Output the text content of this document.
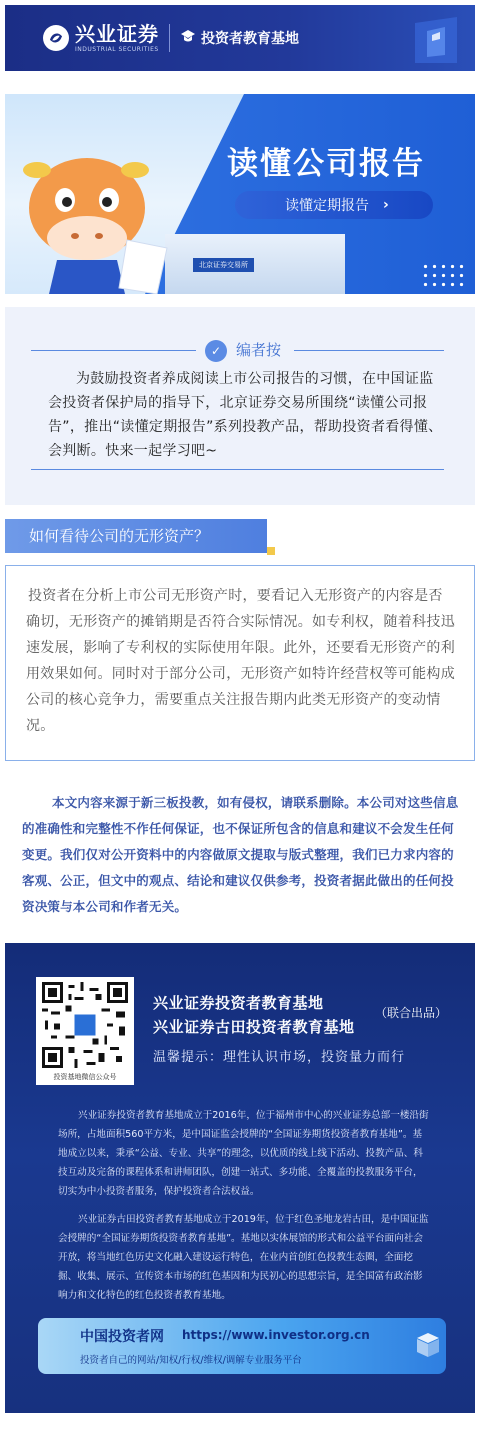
兴业证券
INDUSTRIAL SECURITIES
投资者教育基地
北京证券交易所
读懂公司报告
读懂定期报告 ›
✓ 编者按
为鼓励投资者养成阅读上市公司报告的习惯，在中国证监会投资者保护局的指导下，北京证券交易所围绕“读懂公司报告”，推出“读懂定期报告”系列投教产品，帮助投资者看得懂、会判断。快来一起学习吧~
如何看待公司的无形资产？
投资者在分析上市公司无形资产时，要看记入无形资产的内容是否确切，无形资产的摊销期是否符合实际情况。如专利权，随着科技迅速发展，影响了专利权的实际使用年限。此外，还要看无形资产的利用效果如何。同时对于部分公司，无形资产如特许经营权等可能构成公司的核心竞争力，需要重点关注报告期内此类无形资产的变动情况。
本文内容来源于新三板投教，如有侵权，请联系删除。本公司对这些信息的准确性和完整性不作任何保证，也不保证所包含的信息和建议不会发生任何变更。我们仅对公开资料中的内容做原文提取与版式整理，我们已力求内容的客观、公正，但文中的观点、结论和建议仅供参考，投资者据此做出的任何投资决策与本公司和作者无关。
投资基地微信公众号
兴业证券投资者教育基地
兴业证券古田投资者教育基地
（联合出品）
温馨提示：理性认识市场，投资量力而行
兴业证券投资者教育基地成立于2016年，位于福州市中心的兴业证券总部一楼沿街场所，占地面积560平方米，是中国证监会授牌的“全国证券期货投资者教育基地”。基地成立以来，秉承“公益、专业、共享”的理念，以优质的线上线下活动、投教产品、科技互动及完备的课程体系和讲师团队，创建一站式、多功能、全覆盖的投教服务平台，切实为中小投资者服务，保护投资者合法权益。
兴业证券古田投资者教育基地成立于2019年，位于红色圣地龙岩古田，是中国证监会授牌的“全国证券期货投资者教育基地”。基地以实体展馆的形式和公益平台面向社会开放，将当地红色历史文化融入建设运行特色，在业内首创红色投教生态圈，全面挖掘、收集、展示、宣传资本市场的红色基因和为民初心的思想宗旨，是全国富有政治影响力和文化特色的红色投资者教育基地。
中国投资者网 https://www.investor.org.cn
投资者自己的网站/知权/行权/维权/调解专业服务平台
